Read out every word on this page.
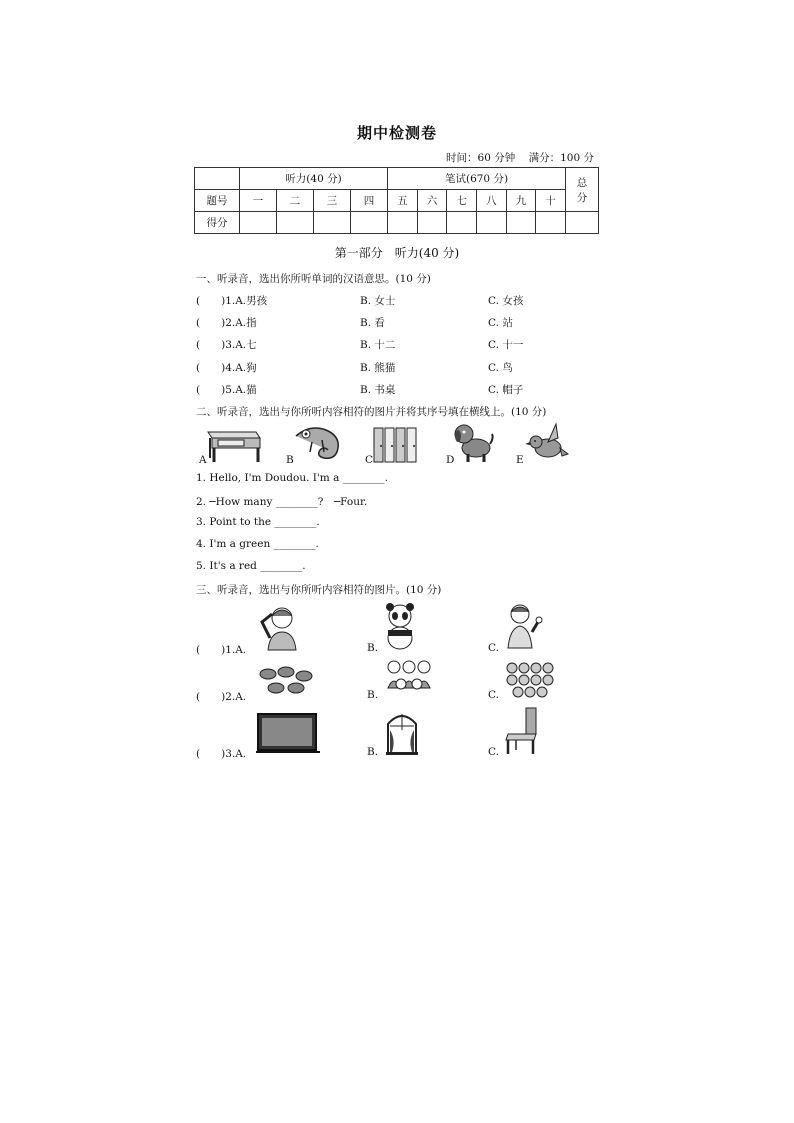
期中检测卷
时间：60 分钟 满分：100 分
	听力(40 分)				笔试(670 分)						总
分
题号	一	二	三	四	五	六	七	八	九	十	
得分											
第一部分　听力(40 分)
一、听录音，选出你所听单词的汉语意思。(10 分)
(　　)1.A.男孩	B. 女士	C. 女孩
(　　)2.A.指	B. 看	C. 站
(　　)3.A.七	B. 十二	C. 十一
(　　)4.A.狗	B. 熊猫	C. 鸟
(　　)5.A.猫	B. 书桌	C. 帽子
二、听录音，选出与你所听内容相符的图片并将其序号填在横线上。(10 分)
A	B	C	D	E
1. Hello, I'm Doudou. I'm a ________.
2. ─How many ________?　─Four.
3. Point to the ________.
4. I'm a green ________.
5. It's a red ________.
三、听录音，选出与你所听内容相符的图片。(10 分)
(　　)1.A.	B.	C.
(　　)2.A.	B.	C.
(　　)3.A.	B.	C.
